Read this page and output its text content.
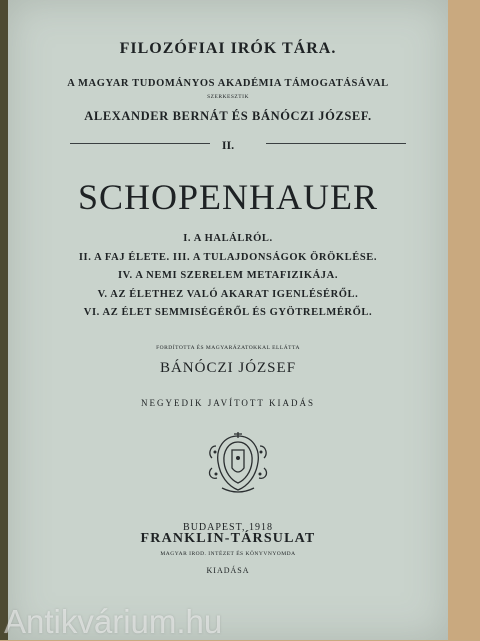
FILOZÓFIAI IRÓK TÁRA.
A MAGYAR TUDOMÁNYOS AKADÉMIA TÁMOGATÁSÁVAL
SZERKESZTIK
ALEXANDER BERNÁT ÉS BÁNÓCZI JÓZSEF.
II.
SCHOPENHAUER
I. A HALÁLRÓL.
II. A FAJ ÉLETE. III. A TULAJDONSÁGOK ÖRÖKLÉSE.
IV. A NEMI SZERELEM METAFIZIKÁJA.
V. AZ ÉLETHEZ VALÓ AKARAT IGENLÉSÉRŐL.
VI. AZ ÉLET SEMMISÉGÉRŐL ÉS GYÖTRELMÉRŐL.
FORDÍTOTTA ÉS MAGYARÁZATOKKAL ELLÁTTA
BÁNÓCZI JÓZSEF
NEGYEDIK JAVÍTOTT KIADÁS
BUDAPEST, 1918
FRANKLIN-TÁRSULAT
MAGYAR IROD. INTÉZET ÉS KÖNYVNYOMDA
KIADÁSA
Antikvárium.hu
